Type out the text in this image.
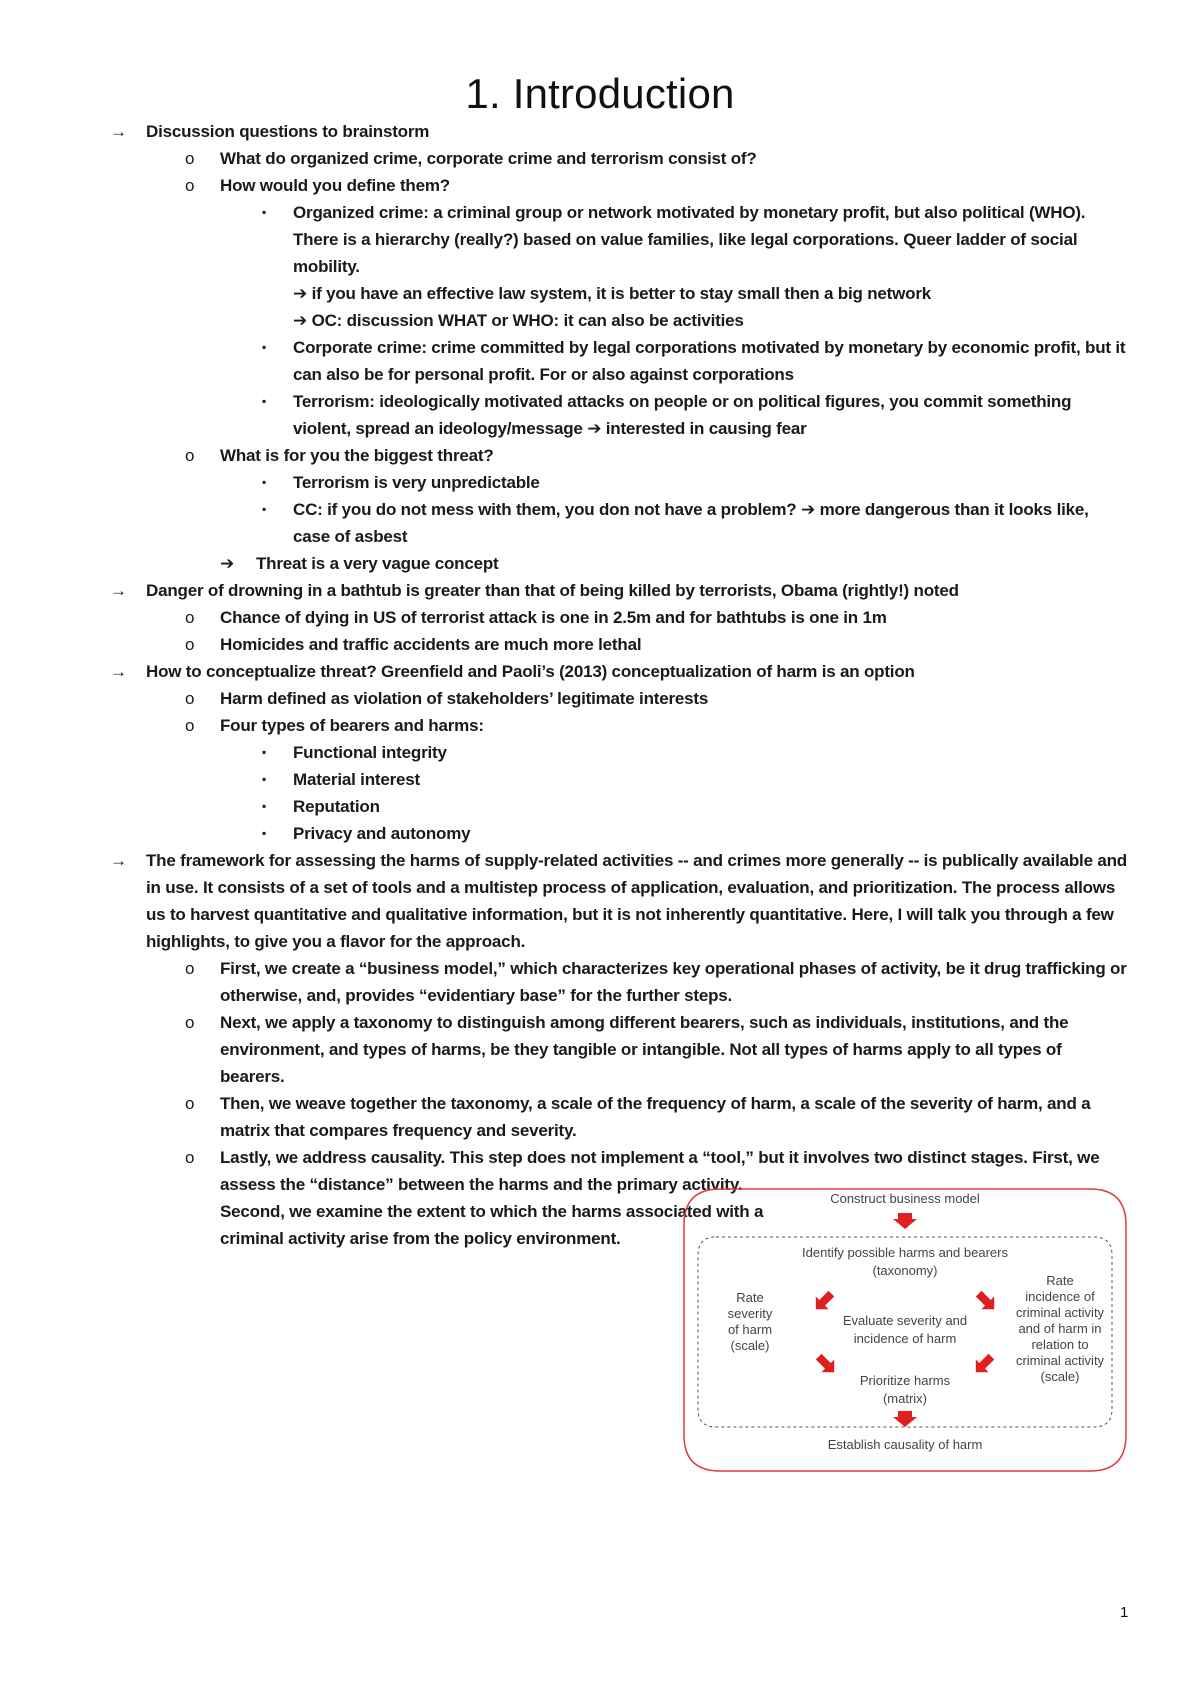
1. Introduction
→ Discussion questions to brainstorm
o What do organized crime, corporate crime and terrorism consist of?
o How would you define them?
▪ Organized crime: a criminal group or network motivated by monetary profit, but also political (WHO). There is a hierarchy (really?) based on value families, like legal corporations. Queer ladder of social mobility.
➔ if you have an effective law system, it is better to stay small then a big network
➔ OC: discussion WHAT or WHO: it can also be activities
▪ Corporate crime: crime committed by legal corporations motivated by monetary by economic profit, but it can also be for personal profit. For or also against corporations
▪ Terrorism: ideologically motivated attacks on people or on political figures, you commit something violent, spread an ideology/message ➔ interested in causing fear
o What is for you the biggest threat?
▪ Terrorism is very unpredictable
▪ CC: if you do not mess with them, you don not have a problem? ➔ more dangerous than it looks like, case of asbest
➔	Threat is a very vague concept
→ Danger of drowning in a bathtub is greater than that of being killed by terrorists, Obama (rightly!) noted
o Chance of dying in US of terrorist attack is one in 2.5m and for bathtubs is one in 1m
o Homicides and traffic accidents are much more lethal
→ How to conceptualize threat? Greenfield and Paoli’s (2013) conceptualization of harm is an option
o Harm defined as violation of stakeholders’ legitimate interests
o Four types of bearers and harms:
▪ Functional integrity
▪ Material interest
▪ Reputation
▪ Privacy and autonomy
→ The framework for assessing the harms of supply-related activities -- and crimes more generally -- is publically available and in use. It consists of a set of tools and a multistep process of application, evaluation, and prioritization. The process allows us to harvest quantitative and qualitative information, but it is not inherently quantitative. Here, I will talk you through a few highlights, to give you a flavor for the approach.
o First, we create a “business model,” which characterizes key operational phases of activity, be it drug trafficking or otherwise, and, provides “evidentiary base” for the further steps.
o Next, we apply a taxonomy to distinguish among different bearers, such as individuals, institutions, and the environment, and types of harms, be they tangible or intangible. Not all types of harms apply to all types of bearers.
o Then, we weave together the taxonomy, a scale of the frequency of harm, a scale of the severity of harm, and a matrix that compares frequency and severity.
o Lastly, we address causality. This step does not implement a “tool,” but it involves two distinct stages. First, we
assess the “distance” between the harms and the primary activity. Second, we examine the extent to which the harms associated with a criminal activity arise from the policy environment.
Construct business model
Identify possible harms and bearers
(taxonomy)
Rate
severity
of harm
(scale)
Rate
incidence of
criminal activity
and of harm in
relation to
criminal activity
(scale)
Evaluate severity and
incidence of harm
Prioritize harms
(matrix)
Establish causality of harm
1
